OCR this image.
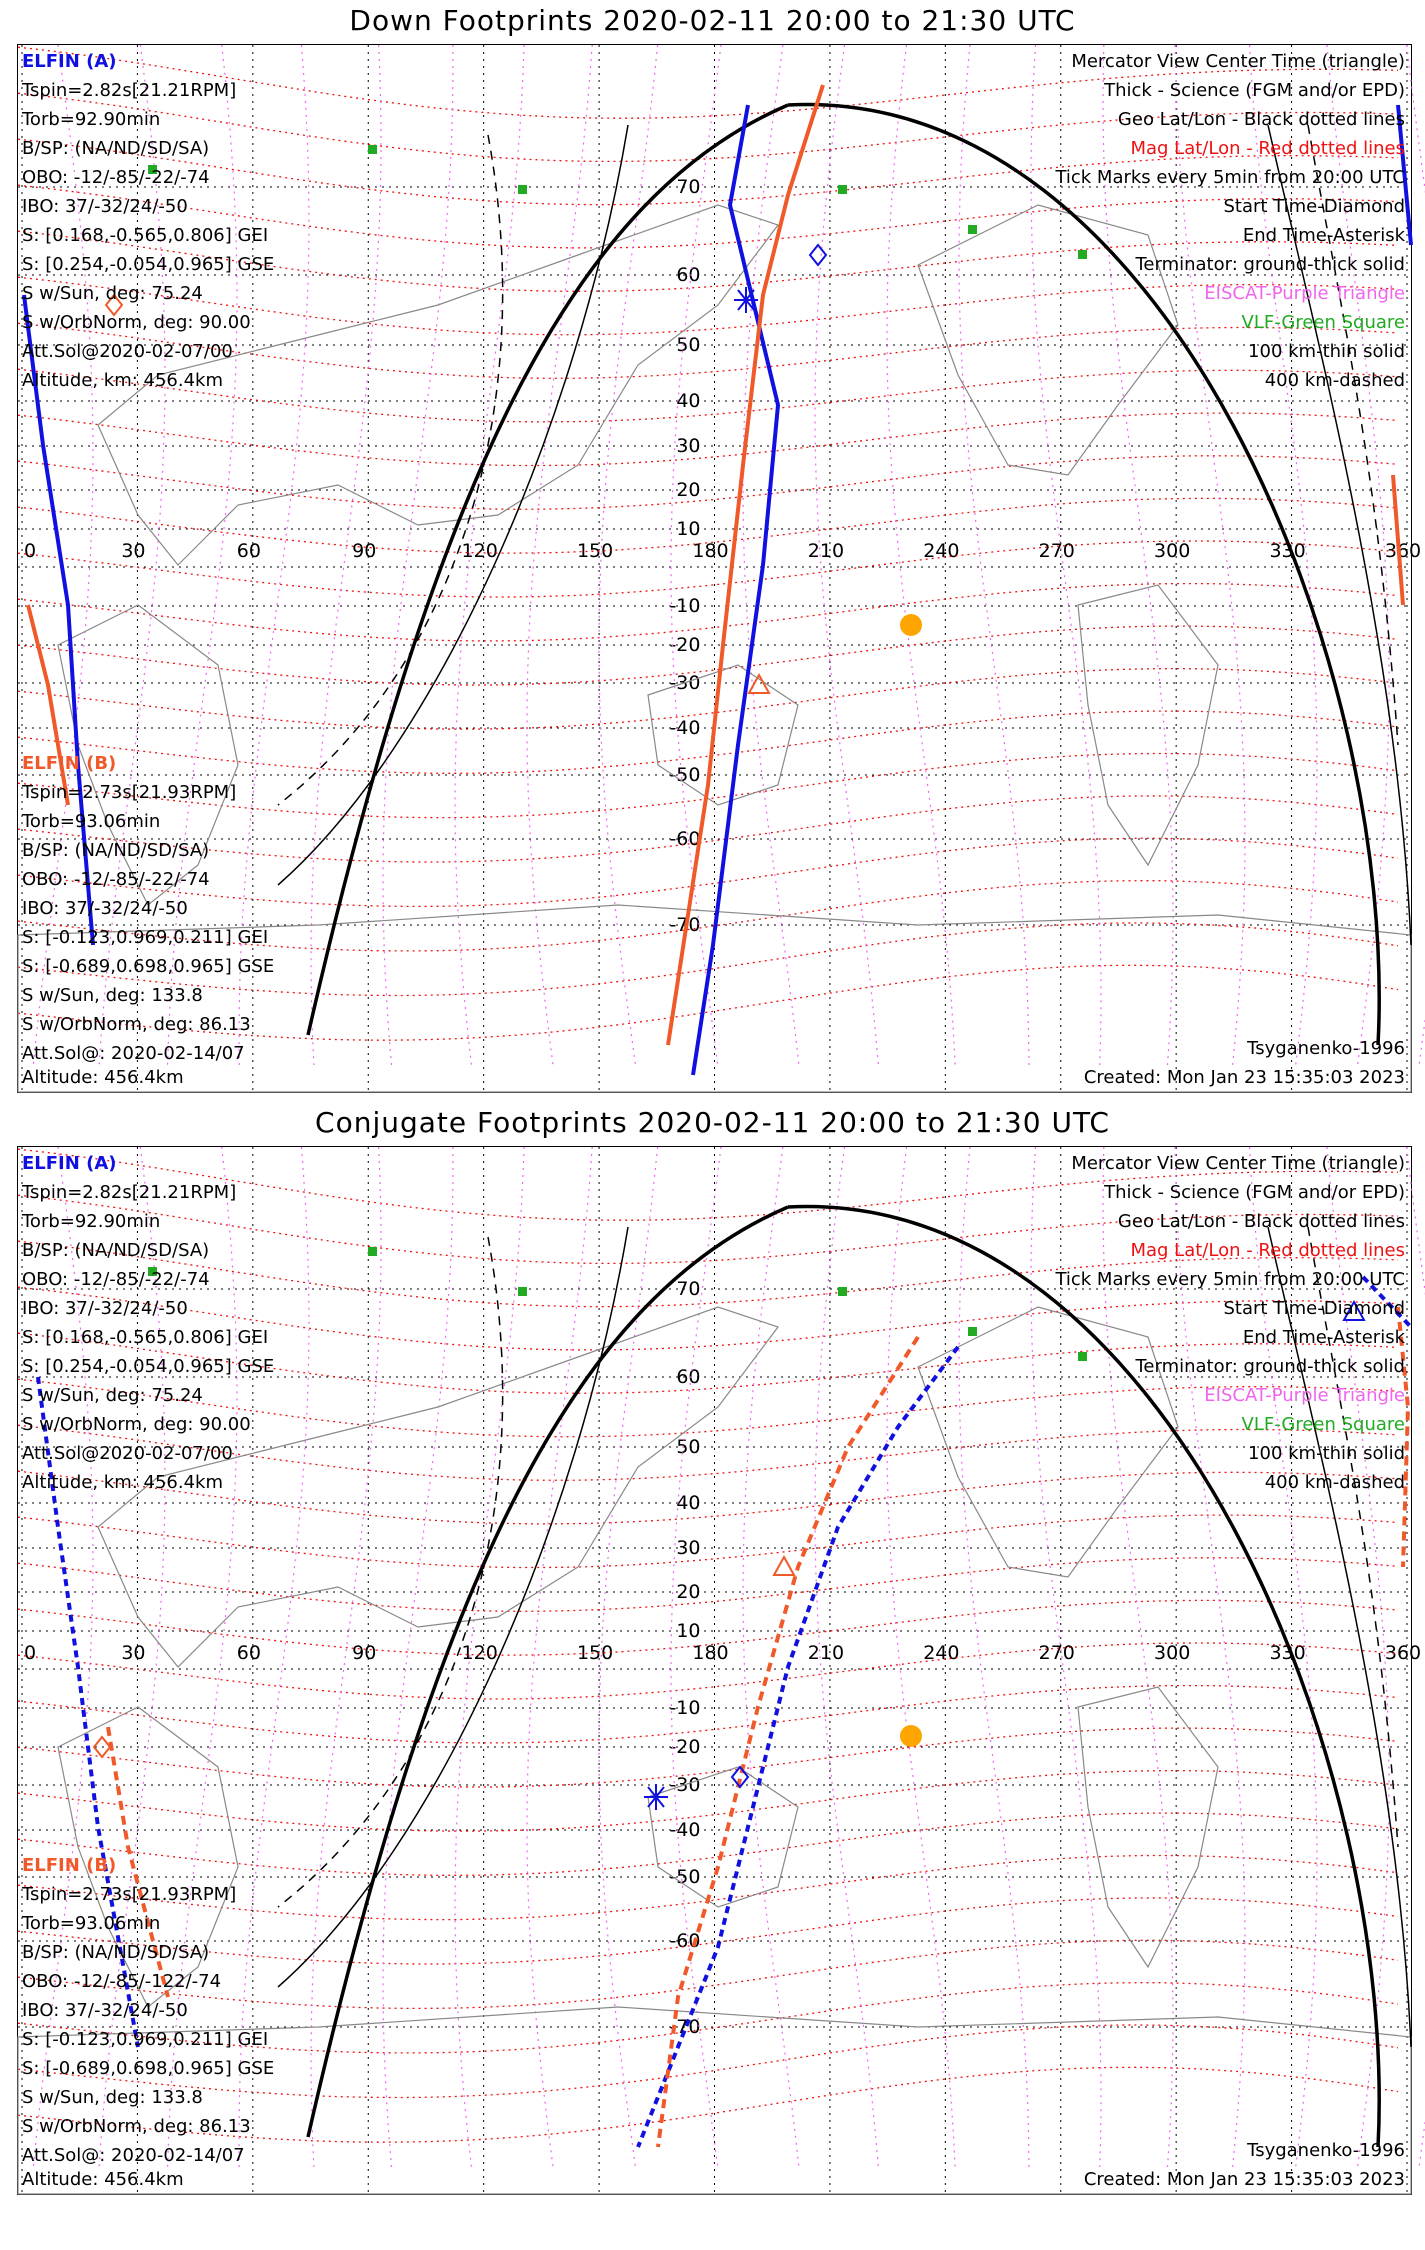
Down Footprints 2020-02-11 20:00 to 21:30 UTC
0	30	60	90	120	150	180	210	240	270	300	330	360
70
60
50
40
30
20
10
-10
-20
-30
-40
-50
-60
-70
ELFIN (A)
Tspin=2.82s[21.21RPM]
Torb=92.90min
B/SP: (NA/ND/SD/SA)
OBO: -12/-85/-22/-74
IBO: 37/-32/24/-50
S: [0.168,-0.565,0.806] GEI
S: [0.254,-0.054,0.965] GSE
S w/Sun, deg: 75.24
S w/OrbNorm, deg: 90.00
Att.Sol@2020-02-07/00
Altitude, km: 456.4km
ELFIN (B)
Tspin=2.73s[21.93RPM]
Torb=93.06min
B/SP: (NA/ND/SD/SA)
OBO: -12/-85/-22/-74
IBO: 37/-32/24/-50
S: [-0.123,0.969,0.211] GEI
S: [-0.689,0.698,0.965] GSE
S w/Sun, deg: 133.8
S w/OrbNorm, deg: 86.13
Att.Sol@: 2020-02-14/07
Mercator View Center Time (triangle)
Thick - Science (FGM and/or EPD)
Geo Lat/Lon - Black dotted lines
Mag Lat/Lon - Red dotted lines
Tick Marks every 5min from 20:00 UTC
Start Time-Diamond
End Time-Asterisk
Terminator: ground-thick solid
EISCAT-Purple Triangle
VLF-Green Square
100 km-thin solid
400 km-dashed
Altitude: 456.4km
Tsyganenko-1996
Created: Mon Jan 23 15:35:03 2023
Conjugate Footprints 2020-02-11 20:00 to 21:30 UTC
0	30	60	90	120	150	180	210	240	270	300	330	360
70
60
50
40
30
20
10
-10
-20
-30
-40
-50
-60
-70
ELFIN (A)
Tspin=2.82s[21.21RPM]
Torb=92.90min
B/SP: (NA/ND/SD/SA)
OBO: -12/-85/-22/-74
IBO: 37/-32/24/-50
S: [0.168,-0.565,0.806] GEI
S: [0.254,-0.054,0.965] GSE
S w/Sun, deg: 75.24
S w/OrbNorm, deg: 90.00
Att.Sol@2020-02-07/00
Altitude, km: 456.4km
ELFIN (B)
Tspin=2.73s[21.93RPM]
Torb=93.06min
B/SP: (NA/ND/SD/SA)
OBO: -12/-85/-122/-74
IBO: 37/-32/24/-50
S: [-0.123,0.969,0.211] GEI
S: [-0.689,0.698,0.965] GSE
S w/Sun, deg: 133.8
S w/OrbNorm, deg: 86.13
Att.Sol@: 2020-02-14/07
Mercator View Center Time (triangle)
Thick - Science (FGM and/or EPD)
Geo Lat/Lon - Black dotted lines
Mag Lat/Lon - Red dotted lines
Tick Marks every 5min from 20:00 UTC
Start Time-Diamond
End Time-Asterisk
Terminator: ground-thick solid
EISCAT-Purple Triangle
VLF-Green Square
100 km-thin solid
400 km-dashed
Altitude: 456.4km
Tsyganenko-1996
Created: Mon Jan 23 15:35:03 2023
